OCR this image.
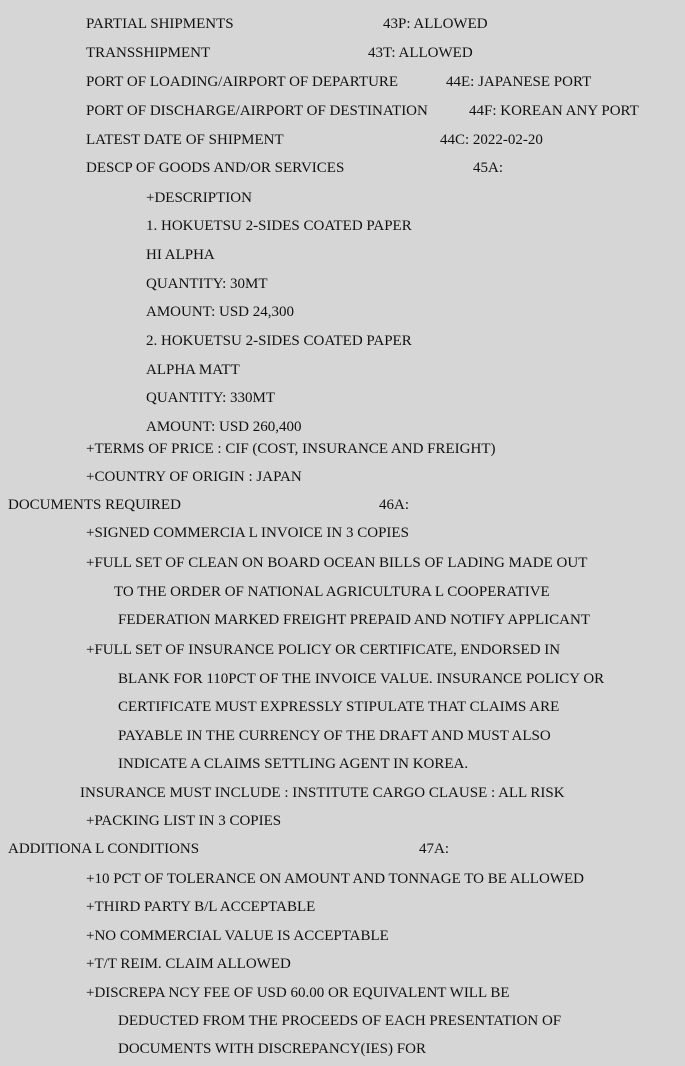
PARTIAL SHIPMENTS	43P: ALLOWED
TRANSSHIPMENT	43T: ALLOWED
PORT OF LOADING/AIRPORT OF DEPARTURE	44E: JAPANESE PORT
PORT OF DISCHARGE/AIRPORT OF DESTINATION	44F: KOREAN ANY PORT
LATEST DATE OF SHIPMENT	44C: 2022-02-20
DESCP OF GOODS AND/OR SERVICES	45A:
+DESCRIPTION
1. HOKUETSU 2-SIDES COATED PAPER
HI ALPHA
QUANTITY: 30MT
AMOUNT: USD 24,300
2. HOKUETSU 2-SIDES COATED PAPER
ALPHA MATT
QUANTITY: 330MT
AMOUNT: USD 260,400
+TERMS OF PRICE : CIF (COST, INSURANCE AND FREIGHT)
+COUNTRY OF ORIGIN : JAPAN
DOCUMENTS REQUIRED	46A:
+SIGNED COMMERCIA L INVOICE IN 3 COPIES
+FULL SET OF CLEAN ON BOARD OCEAN BILLS OF LADING MADE OUT
TO THE ORDER OF NATIONAL AGRICULTURA L COOPERATIVE
FEDERATION MARKED FREIGHT PREPAID AND NOTIFY APPLICANT
+FULL SET OF INSURANCE POLICY OR CERTIFICATE, ENDORSED IN
BLANK FOR 110PCT OF THE INVOICE VALUE. INSURANCE POLICY OR
CERTIFICATE MUST EXPRESSLY STIPULATE THAT CLAIMS ARE
PAYABLE IN THE CURRENCY OF THE DRAFT AND MUST ALSO
INDICATE A CLAIMS SETTLING AGENT IN KOREA.
INSURANCE MUST INCLUDE : INSTITUTE CARGO CLAUSE : ALL RISK
+PACKING LIST IN 3 COPIES
ADDITIONA L CONDITIONS	47A:
+10 PCT OF TOLERANCE ON AMOUNT AND TONNAGE TO BE ALLOWED
+THIRD PARTY B/L ACCEPTABLE
+NO COMMERCIAL VALUE IS ACCEPTABLE
+T/T REIM. CLAIM ALLOWED
+DISCREPA NCY FEE OF USD 60.00 OR EQUIVALENT WILL BE
DEDUCTED FROM THE PROCEEDS OF EACH PRESENTATION OF
DOCUMENTS WITH DISCREPANCY(IES) FOR
